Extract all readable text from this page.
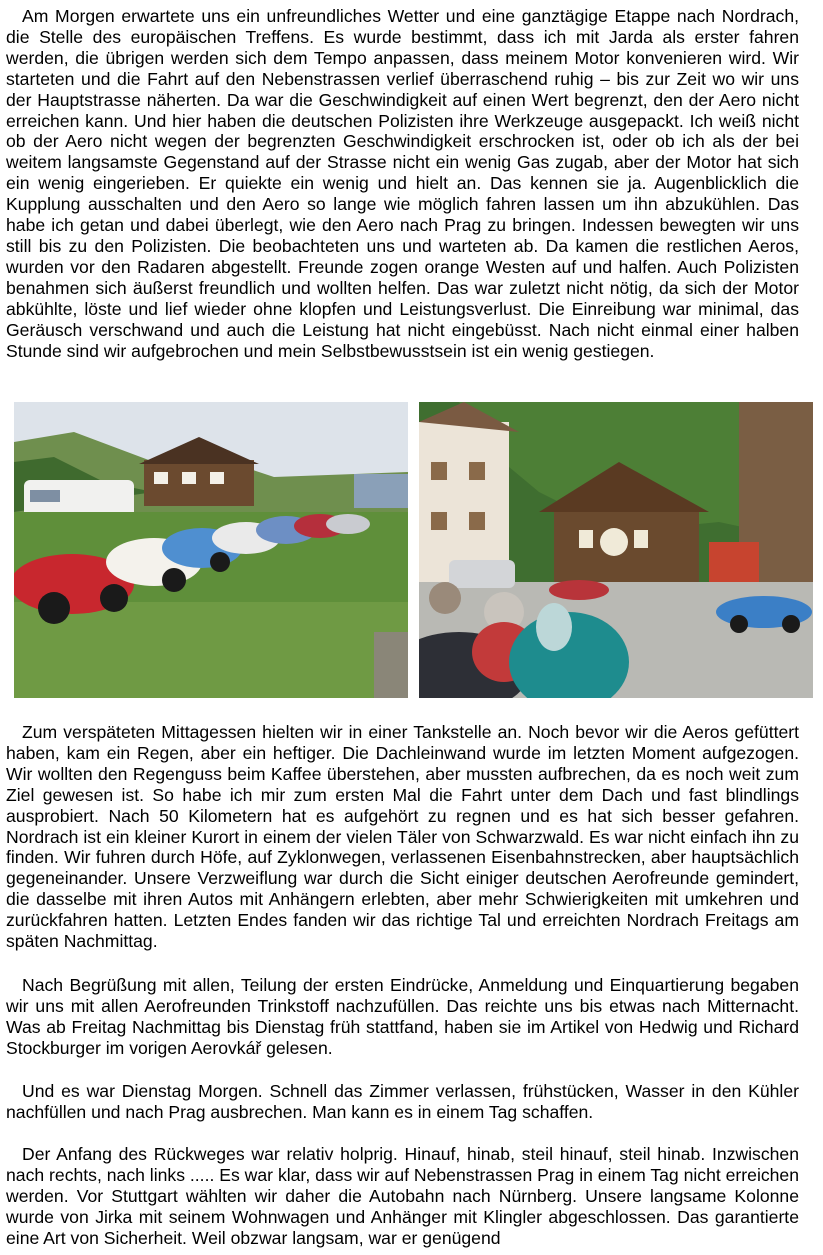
Am Morgen erwartete uns ein unfreundliches Wetter und eine ganztägige Etappe nach Nordrach, die Stelle des europäischen Treffens. Es wurde bestimmt, dass ich mit Jarda als erster fahren werden, die übrigen werden sich dem Tempo anpassen, dass meinem Motor konvenieren wird. Wir starteten und die Fahrt auf den Nebenstrassen verlief überraschend ruhig – bis zur Zeit wo wir uns der Hauptstrasse näherten. Da war die Geschwindigkeit auf einen Wert begrenzt, den der Aero nicht erreichen kann. Und hier haben die deutschen Polizisten ihre Werkzeuge ausgepackt. Ich weiß nicht ob der Aero nicht wegen der begrenzten Geschwindigkeit erschrocken ist, oder ob ich als der bei weitem langsamste Gegenstand auf der Strasse nicht ein wenig Gas zugab, aber der Motor hat sich ein wenig eingerieben. Er quiekte ein wenig und hielt an. Das kennen sie ja. Augenblicklich die Kupplung ausschalten und den Aero so lange wie möglich fahren lassen um ihn abzukühlen. Das habe ich getan und dabei überlegt, wie den Aero nach Prag zu bringen. Indessen bewegten wir uns still bis zu den Polizisten. Die beobachteten uns und warteten ab. Da kamen die restlichen Aeros, wurden vor den Radaren abgestellt. Freunde zogen orange Westen auf und halfen. Auch Polizisten benahmen sich äußerst freundlich und wollten helfen. Das war zuletzt nicht nötig, da sich der Motor abkühlte, löste und lief wieder ohne klopfen und Leistungsverlust. Die Einreibung war minimal, das Geräusch verschwand und auch die Leistung hat nicht eingebüsst. Nach nicht einmal einer halben Stunde sind wir aufgebrochen und mein Selbstbewusstsein ist ein wenig gestiegen.

Zum verspäteten Mittagessen hielten wir in einer Tankstelle an. Noch bevor wir die Aeros gefüttert haben, kam ein Regen, aber ein heftiger. Die Dachleinwand wurde im letzten Moment aufgezogen. Wir wollten den Regenguss beim Kaffee überstehen, aber mussten aufbrechen, da es noch weit zum Ziel gewesen ist. So habe ich mir zum ersten Mal die Fahrt unter dem Dach und fast blindlings ausprobiert. Nach 50 Kilometern hat es aufgehört zu regnen und es hat sich besser gefahren. Nordrach ist ein kleiner Kurort in einem der vielen Täler von Schwarzwald. Es war nicht einfach ihn zu finden. Wir fuhren durch Höfe, auf Zyklonwegen, verlassenen Eisenbahnstrecken, aber hauptsächlich gegeneinander. Unsere Verzweiflung war durch die Sicht einiger deutschen Aerofreunde gemindert, die dasselbe mit ihren Autos mit Anhängern erlebten, aber mehr Schwierigkeiten mit umkehren und zurückfahren hatten. Letzten Endes fanden wir das richtige Tal und erreichten Nordrach Freitags am späten Nachmittag.

Nach Begrüßung mit allen, Teilung der ersten Eindrücke, Anmeldung und Einquartierung begaben wir uns mit allen Aerofreunden Trinkstoff nachzufüllen. Das reichte uns bis etwas nach Mitternacht. Was ab Freitag Nachmittag bis Dienstag früh stattfand, haben sie im Artikel von Hedwig und Richard Stockburger im vorigen Aerovkář gelesen.

Und es war Dienstag Morgen. Schnell das Zimmer verlassen, frühstücken, Wasser in den Kühler nachfüllen und nach Prag ausbrechen. Man kann es in einem Tag schaffen.

Der Anfang des Rückweges war relativ holprig. Hinauf, hinab, steil hinauf, steil hinab. Inzwischen nach rechts, nach links ..... Es war klar, dass wir auf Nebenstrassen Prag in einem Tag nicht erreichen werden. Vor Stuttgart wählten wir daher die Autobahn nach Nürnberg. Unsere langsame Kolonne wurde von Jirka mit seinem Wohnwagen und Anhänger mit Klingler abgeschlossen. Das garantierte eine Art von Sicherheit. Weil obzwar langsam, war er genügend
